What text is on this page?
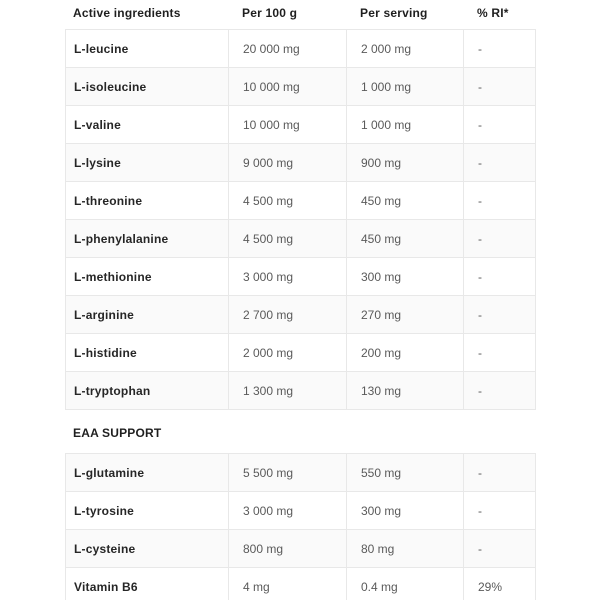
Active ingredients	Per 100 g	Per serving	% RI*
L-leucine	20 000 mg	2 000 mg	-
L-isoleucine	10 000 mg	1 000 mg	-
L-valine	10 000 mg	1 000 mg	-
L-lysine	9 000 mg	900 mg	-
L-threonine	4 500 mg	450 mg	-
L-phenylalanine	4 500 mg	450 mg	-
L-methionine	3 000 mg	300 mg	-
L-arginine	2 700 mg	270 mg	-
L-histidine	2 000 mg	200 mg	-
L-tryptophan	1 300 mg	130 mg	-
EAA SUPPORT
L-glutamine	5 500 mg	550 mg	-
L-tyrosine	3 000 mg	300 mg	-
L-cysteine	800 mg	80 mg	-
Vitamin B6	4 mg	0.4 mg	29%
